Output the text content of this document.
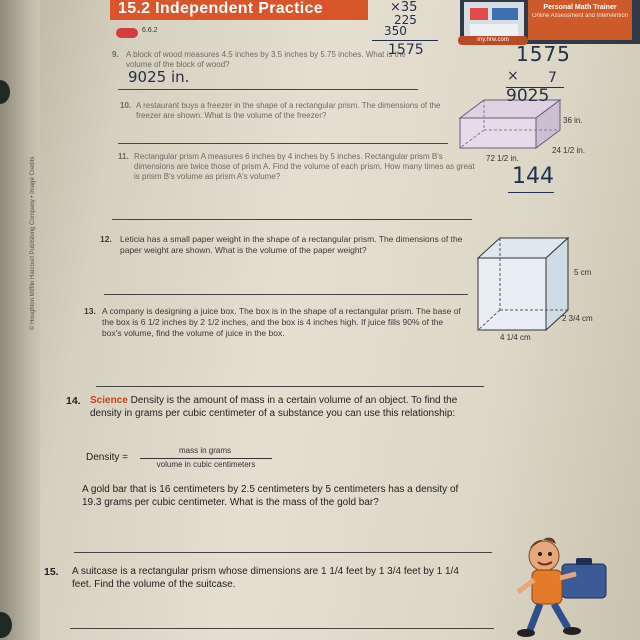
© Houghton Mifflin Harcourt Publishing Company • Image Credits
15.2 Independent Practice
6.6.2
Personal Math Trainer
Online Assessment and Intervention
my.hrw.com
9. A block of wood measures 4.5 inches by 3.5 inches by 5.75 inches. What is the volume of the block of wood?
10. A restaurant buys a freezer in the shape of a rectangular prism. The dimensions of the freezer are shown. What is the volume of the freezer?
11. Rectangular prism A measures 6 inches by 4 inches by 5 inches. Rectangular prism B's dimensions are twice those of prism A. Find the volume of each prism. How many times as great is prism B's volume as prism A's volume?
12. Leticia has a small paper weight in the shape of a rectangular prism. The dimensions of the paper weight are shown. What is the volume of the paper weight?
13. A company is designing a juice box. The box is in the shape of a rectangular prism. The base of the box is 6 1/2 inches by 2 1/2 inches, and the box is 4 inches high. If juice fills 90% of the box's volume, find the volume of juice in the box.
14. Science Density is the amount of mass in a certain volume of an object. To find the density in grams per cubic centimeter of a substance you can use this relationship:
Density =
mass in grams
volume in cubic centimeters
A gold bar that is 16 centimeters by 2.5 centimeters by 5 centimeters has a density of 19.3 grams per cubic centimeter. What is the mass of the gold bar?
15. A suitcase is a rectangular prism whose dimensions are 1 1/4 feet by 1 3/4 feet by 1 1/4 feet. Find the volume of the suitcase.
36 in.
24 1/2 in.
72 1/2 in.
5 cm
2 3/4 cm
4 1/4 cm
×35
225
350
1575
9025 in.
1575
× 7
9025
144
